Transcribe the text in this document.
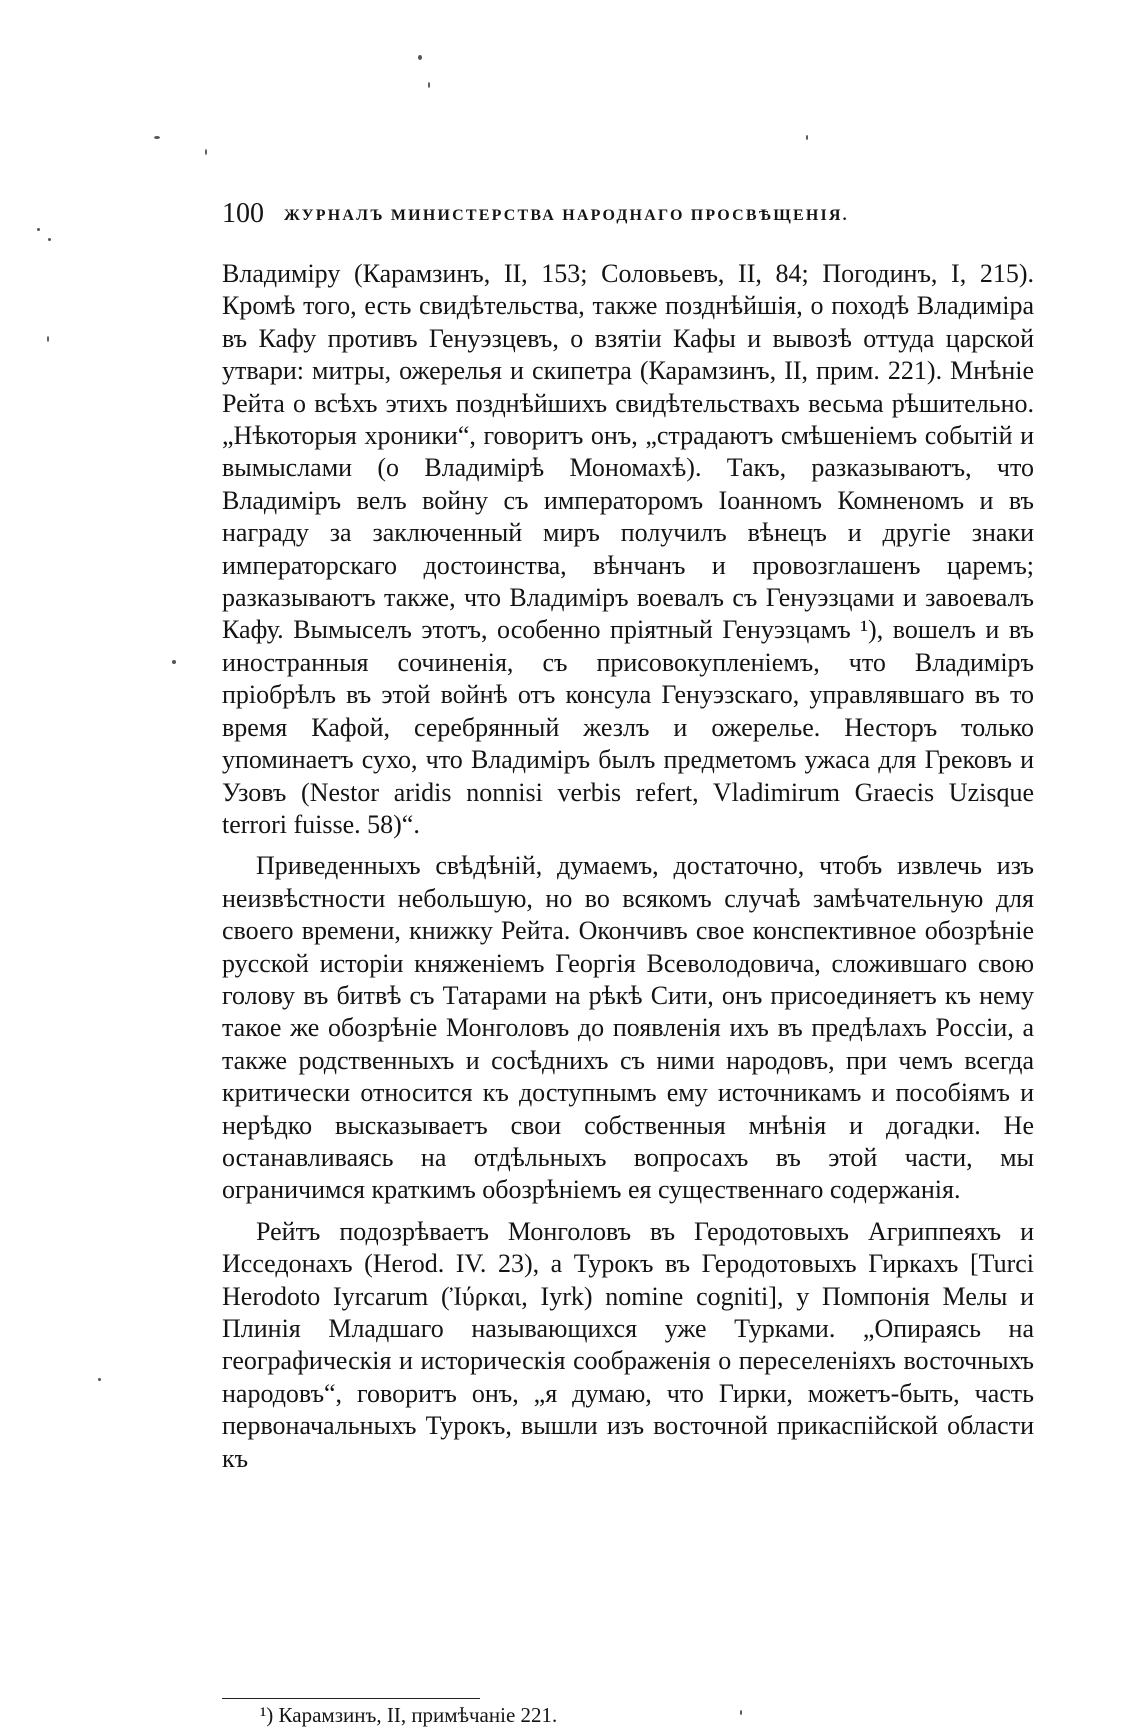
100 ЖУРНАЛЪ МИНИСТЕРСТВА НАРОДНАГО ПРОСВѢЩЕНІЯ.

Владиміру (Карамзинъ, II, 153; Соловьевъ, II, 84; Погодинъ, I, 215). Кромѣ того, есть свидѣтельства, также позднѣйшія, о походѣ Владиміра въ Кафу противъ Генуэзцевъ, о взятіи Кафы и вывозѣ оттуда царской утвари: митры, ожерелья и скипетра (Карамзинъ, II, прим. 221). Мнѣніе Рейта о всѣхъ этихъ позднѣйшихъ свидѣтельствахъ весьма рѣшительно. „Нѣкоторыя хроники“, говоритъ онъ, „страдаютъ смѣшеніемъ событій и вымыслами (о Владимірѣ Мономахѣ). Такъ, разказываютъ, что Владиміръ велъ войну съ императоромъ Іоанномъ Комненомъ и въ награду за заключенный миръ получилъ вѣнецъ и другіе знаки императорскаго достоинства, вѣнчанъ и провозглашенъ царемъ; разказываютъ также, что Владиміръ воевалъ съ Генуэзцами и завоевалъ Кафу. Вымыселъ этотъ, особенно пріятный Генуэзцамъ ¹), вошелъ и въ иностранныя сочиненія, съ присовокупленіемъ, что Владиміръ пріобрѣлъ въ этой войнѣ отъ консула Генуэзскаго, управлявшаго въ то время Кафой, серебрянный жезлъ и ожерелье. Несторъ только упоминаетъ сухо, что Владиміръ былъ предметомъ ужаса для Грековъ и Узовъ (Nestor aridis nonnisi verbis refert, Vladimirum Graecis Uzisque terrori fuisse. 58)“.

Приведенныхъ свѣдѣній, думаемъ, достаточно, чтобъ извлечь изъ неизвѣстности небольшую, но во всякомъ случаѣ замѣчательную для своего времени, книжку Рейта. Окончивъ свое конспективное обозрѣніе русской исторіи княженіемъ Георгія Всеволодовича, сложившаго свою голову въ битвѣ съ Татарами на рѣкѣ Сити, онъ присоединяетъ къ нему такое же обозрѣніе Монголовъ до появленія ихъ въ предѣлахъ Россіи, а также родственныхъ и сосѣднихъ съ ними народовъ, при чемъ всегда критически относится къ доступнымъ ему источникамъ и пособіямъ и нерѣдко высказываетъ свои собственныя мнѣнія и догадки. Не останавливаясь на отдѣльныхъ вопросахъ въ этой части, мы ограничимся краткимъ обозрѣніемъ ея существеннаго содержанія.

Рейтъ подозрѣваетъ Монголовъ въ Геродотовыхъ Агриппеяхъ и Исседонахъ (Herod. IV. 23), а Турокъ въ Геродотовыхъ Гиркахъ [Turci Herodoto Iyrcarum (Ἰύρκαι, Iyrk) nomine cogniti], у Помпонія Мелы и Плинія Младшаго называющихся уже Турками. „Опираясь на географическія и историческія соображенія о переселеніяхъ восточныхъ народовъ“, говоритъ онъ, „я думаю, что Гирки, можетъ-быть, часть первоначальныхъ Турокъ, вышли изъ восточной прикаспійской области къ

¹) Карамзинъ, II, примѣчаніе 221.
